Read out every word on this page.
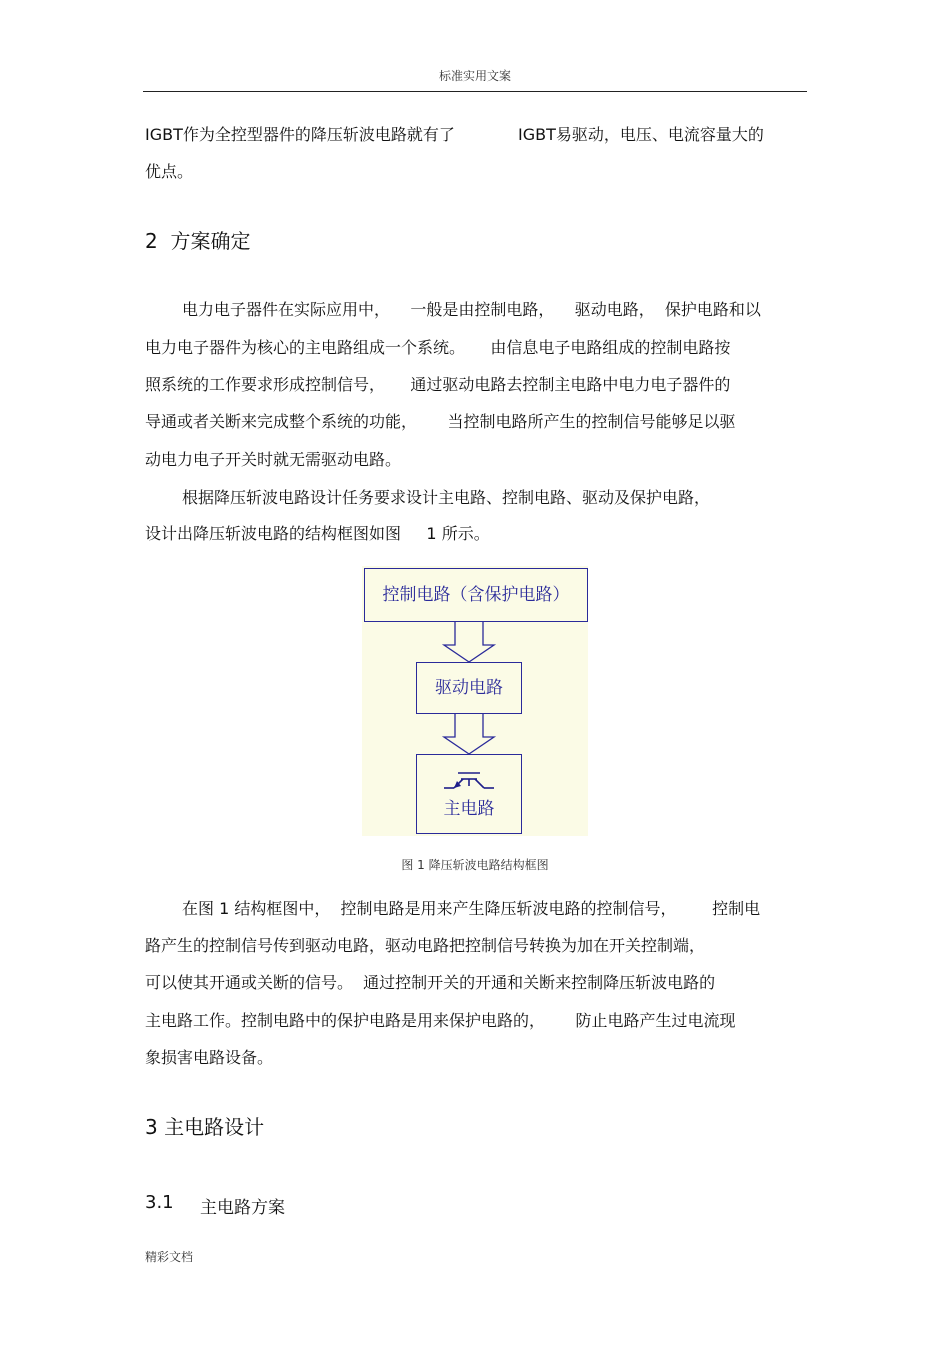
标准实用文案
IGBT作为全控型器件的降压斩波电路就有了	IGBT易驱动，电压、电流容量大的
优点。
2  方案确定
电力电子器件在实际应用中，    一般是由控制电路，    驱动电路，  保护电路和以
电力电子器件为核心的主电路组成一个系统。     由信息电子电路组成的控制电路按
照系统的工作要求形成控制信号，     通过驱动电路去控制主电路中电力电子器件的
导通或者关断来完成整个系统的功能，      当控制电路所产生的控制信号能够足以驱
动电力电子开关时就无需驱动电路。
根据降压斩波电路设计任务要求设计主电路、控制电路、驱动及保护电路，
设计出降压斩波电路的结构框图如图     1 所示。
控制电路（含保护电路）
驱动电路
主电路
图 1 降压斩波电路结构框图
在图 1 结构框图中，  控制电路是用来产生降压斩波电路的控制信号，       控制电
路产生的控制信号传到驱动电路，驱动电路把控制信号转换为加在开关控制端，
可以使其开通或关断的信号。  通过控制开关的开通和关断来控制降压斩波电路的
主电路工作。控制电路中的保护电路是用来保护电路的，      防止电路产生过电流现
象损害电路设备。
3 主电路设计
3.1 主电路方案
精彩文档
